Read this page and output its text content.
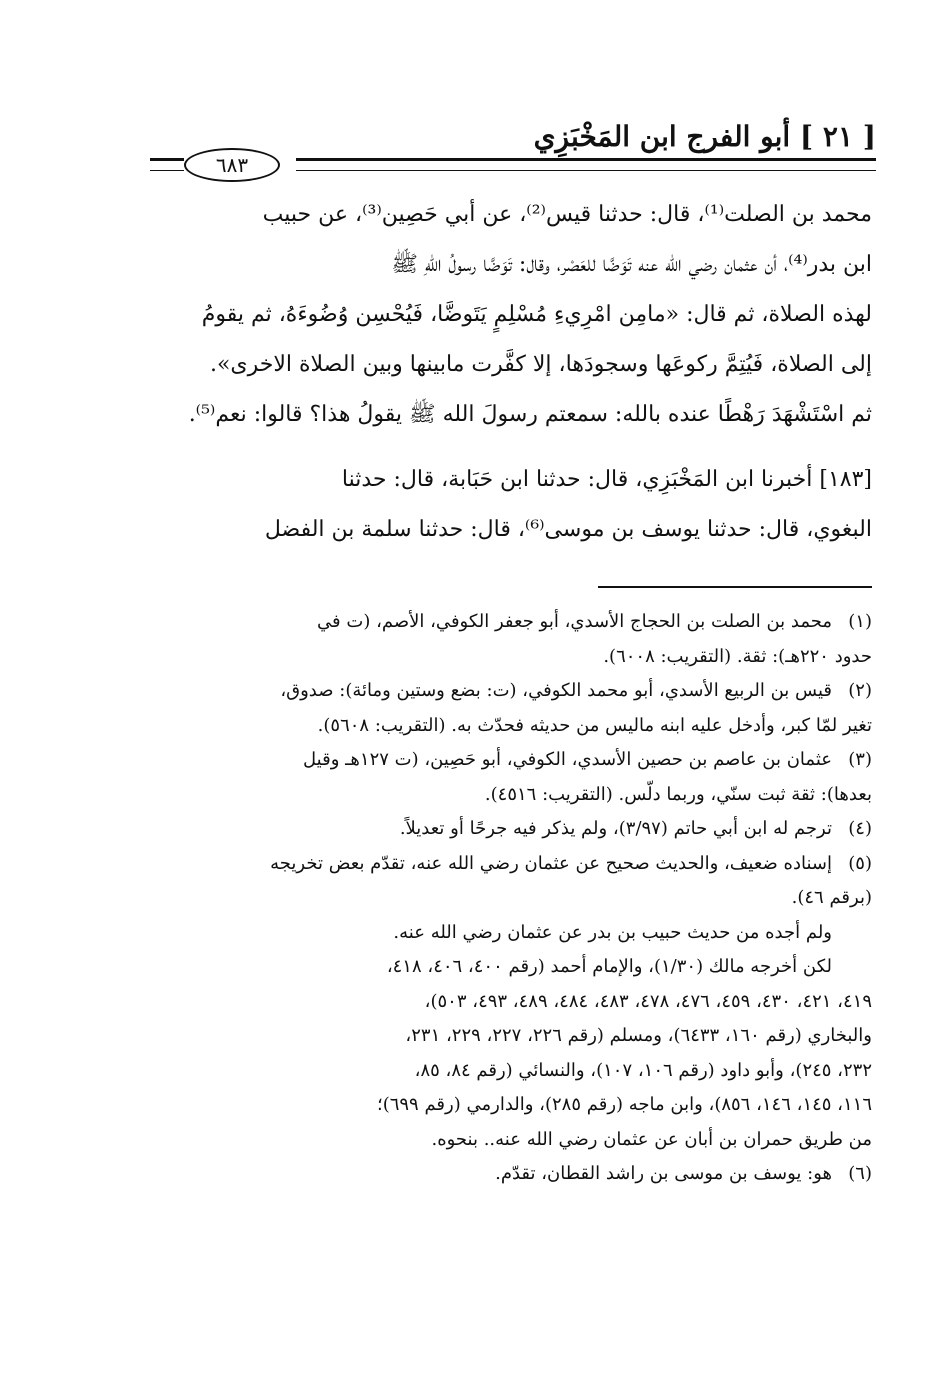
[ ٢١ ] أبو الفرج ابن المَخْبَزِي
٦٨٣
محمد بن الصلت⁽¹⁾، قال: حدثنا قيس⁽²⁾، عن أبي حَصِين⁽³⁾، عن حبيب
ابن بدر⁽⁴⁾، أن عثمان رضي الله عنه تَوَضَّا للعَصْر، وقال: تَوَضَّا رسولُ اللهِ ﷺ
لهذه الصلاة، ثم قال: «مامِن امْرِيءِ مُسْلِمٍ يَتَوضَّا، فَيُحْسِن وُضُوءَهُ، ثم يقومُ
إلى الصلاة، فَيُتِمَّ ركوعَها وسجودَها، إلا كفَّرت مابينها وبين الصلاة الاخرى».
ثم اسْتَشْهَدَ رَهْطًا عنده بالله: سمعتم رسولَ الله ﷺ يقولُ هذا؟ قالوا: نعم⁽⁵⁾.
[١٨٣] أخبرنا ابن المَخْبَزِي، قال: حدثنا ابن حَبَابة، قال: حدثنا
البغوي، قال: حدثنا يوسف بن موسى⁽⁶⁾، قال: حدثنا سلمة بن الفضل
(١)
محمد بن الصلت بن الحجاج الأسدي، أبو جعفر الكوفي، الأصم، (ت في
حدود ٢٢٠هـ): ثقة. (التقريب: ٦٠٠٨).
(٢)
قيس بن الربيع الأسدي، أبو محمد الكوفي، (ت: بضع وستين ومائة): صدوق،
تغير لمّا كبر، وأدخل عليه ابنه ماليس من حديثه فحدّث به. (التقريب: ٥٦٠٨).
(٣)
عثمان بن عاصم بن حصين الأسدي، الكوفي، أبو حَصِين، (ت ١٢٧هـ وقيل
بعدها): ثقة ثبت سنّي، وربما دلّس. (التقريب: ٤٥١٦).
(٤)
ترجم له ابن أبي حاتم (٣/٩٧)، ولم يذكر فيه جرحًا أو تعديلاً.
(٥)
إسناده ضعيف، والحديث صحيح عن عثمان رضي الله عنه، تقدّم بعض تخريجه
(برقم ٤٦).
ولم أجده من حديث حبيب بن بدر عن عثمان رضي الله عنه.
لكن أخرجه مالك (١/٣٠)، والإمام أحمد (رقم ٤٠٠، ٤٠٦، ٤١٨،
٤١٩، ٤٢١، ٤٣٠، ٤٥٩، ٤٧٦، ٤٧٨، ٤٨٣، ٤٨٤، ٤٨٩، ٤٩٣، ٥٠٣)،
والبخاري (رقم ١٦٠، ٦٤٣٣)، ومسلم (رقم ٢٢٦، ٢٢٧، ٢٢٩، ٢٣١،
٢٣٢، ٢٤٥)، وأبو داود (رقم ١٠٦، ١٠٧)، والنسائي (رقم ٨٤، ٨٥،
١١٦، ١٤٥، ١٤٦، ٨٥٦)، وابن ماجه (رقم ٢٨٥)، والدارمي (رقم ٦٩٩)؛
من طريق حمران بن أبان عن عثمان رضي الله عنه.. بنحوه.
(٦)
هو: يوسف بن موسى بن راشد القطان، تقدّم.
